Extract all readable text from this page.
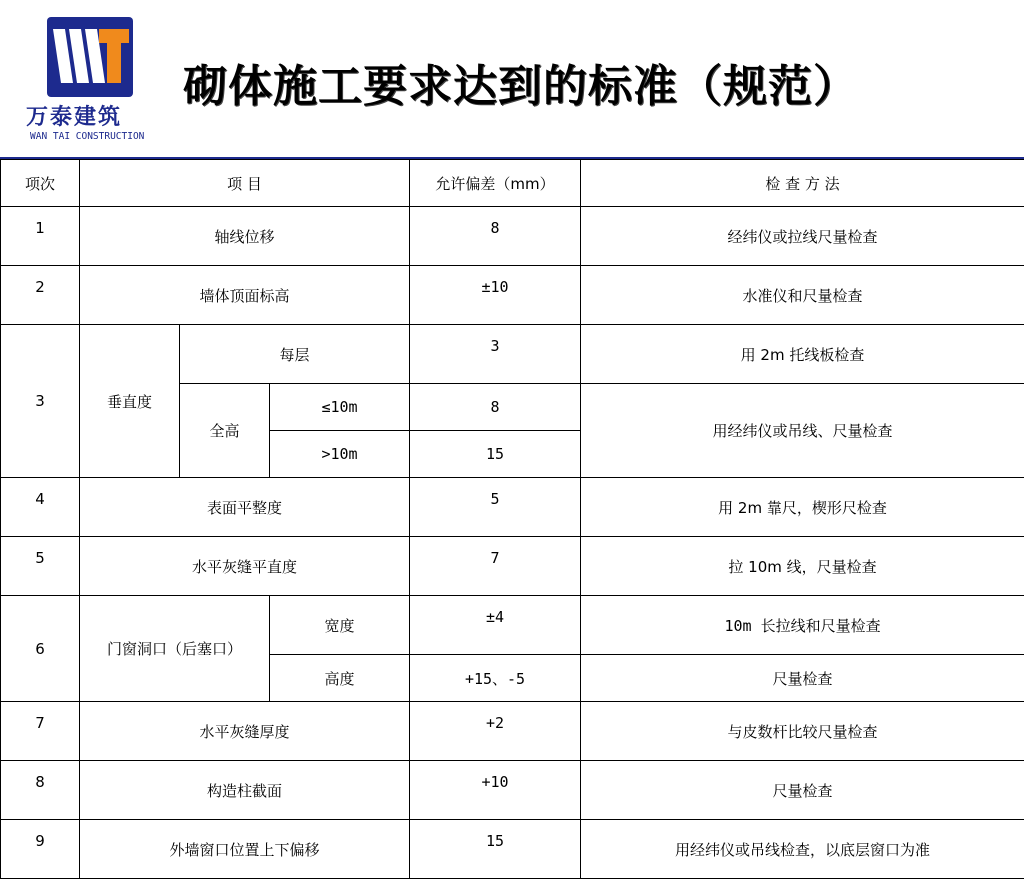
万泰建筑
WAN TAI CONSTRUCTION
砌体施工要求达到的标准（规范）
项次	项 目			允许偏差（mm）	检 查 方 法
1	轴线位移			8	经纬仪或拉线尺量检查
2	墙体顶面标高			±10	水准仪和尺量检查
3	垂直度	每层		3	用 2m 托线板检查
		全高	≤10m	8	用经纬仪或吊线、尺量检查
			>10m	15	
4	表面平整度			5	用 2m 靠尺，楔形尺检查
5	水平灰缝平直度			7	拉 10m 线，尺量检查
6	门窗洞口（后塞口）		宽度	±4	10m 长拉线和尺量检查
			高度	+15、-5	尺量检查
7	水平灰缝厚度			+2	与皮数杆比较尺量检查
8	构造柱截面			+10	尺量检查
9	外墙窗口位置上下偏移			15	用经纬仪或吊线检查，以底层窗口为准
